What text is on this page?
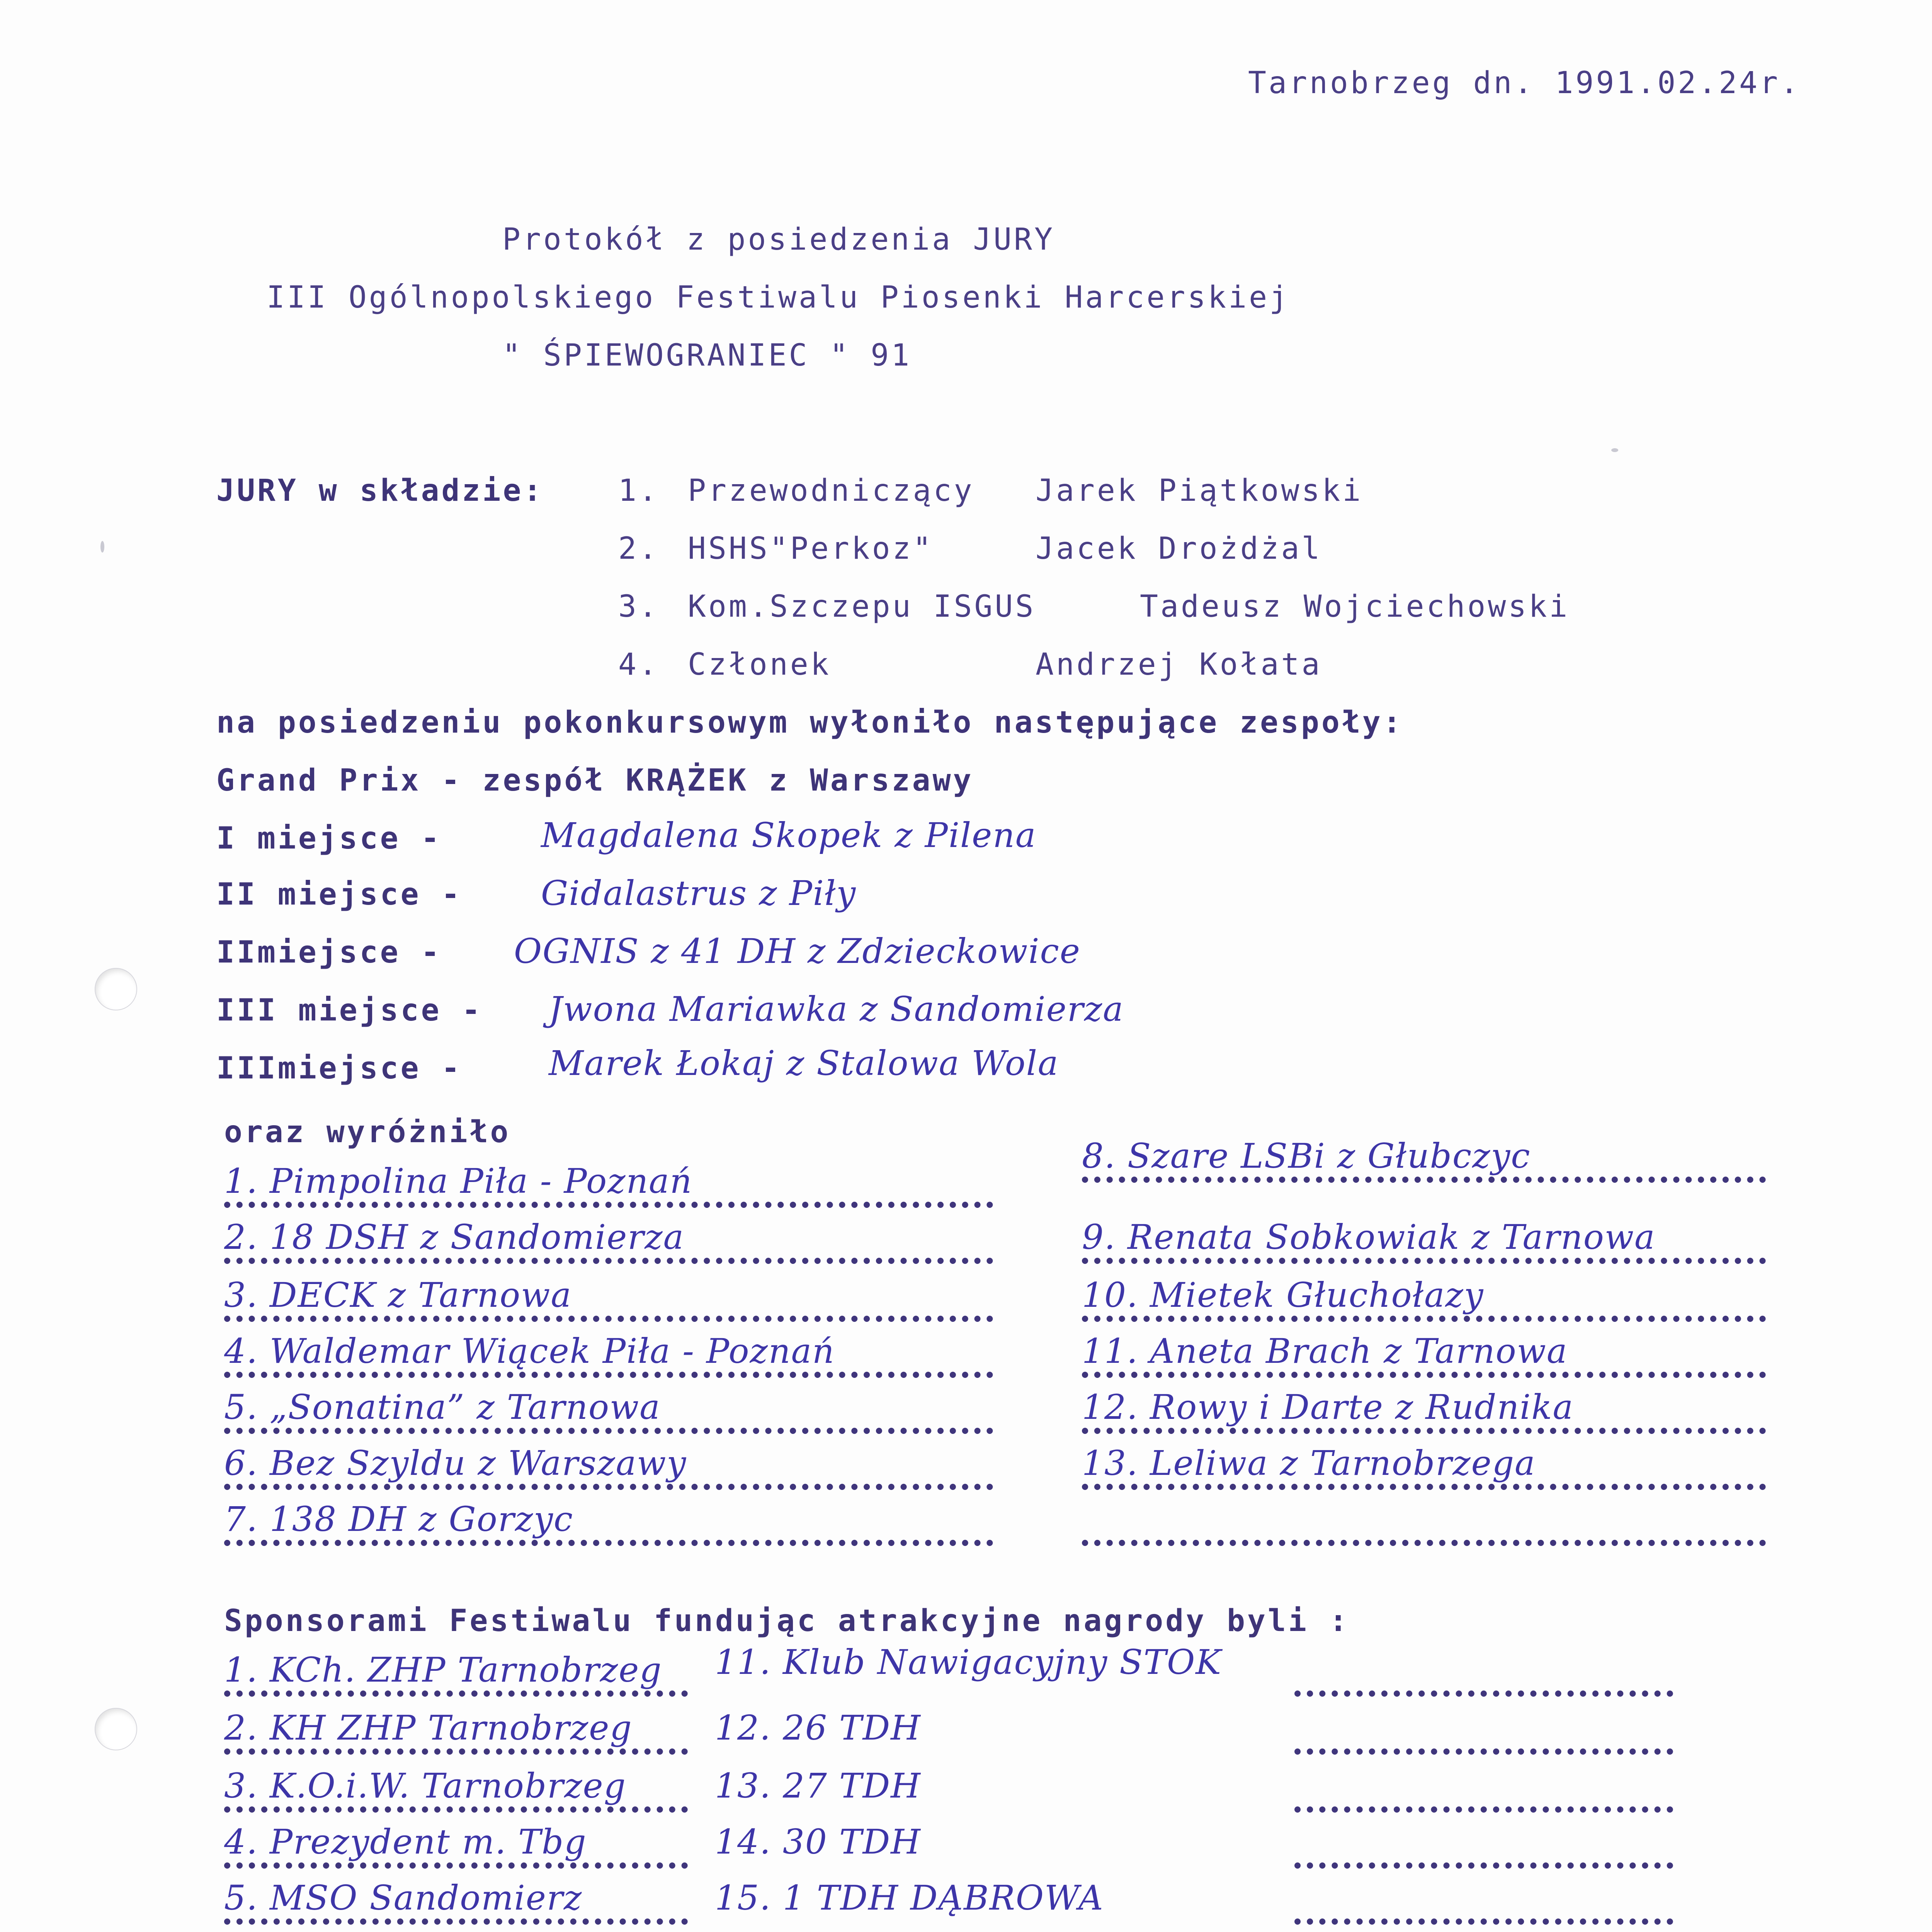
Tarnobrzeg dn. 1991.02.24r.
Protokół z posiedzenia JURY
III Ogólnopolskiego Festiwalu Piosenki Harcerskiej
" ŚPIEWOGRANIEC " 91
JURY w składzie: 1. Przewodniczący Jarek Piątkowski
2. HSHS"Perkoz"	Jacek Drożdżal
3. Kom.Szczepu ISGUS	Tadeusz Wojciechowski
4. Członek	Andrzej Kołata
na posiedzeniu pokonkursowym wyłoniło następujące zespoły:
Grand Prix - zespół KRĄŻEK z Warszawy
I miejsce -	Magdalena Skopek z Pilena
II miejsce - Gidalastrus z Piły
IImiejsce - OGNIS z 41 DH z Zdzieckowice
III miejsce - Jwona Mariawka z Sandomierza
IIImiejsce -	Marek Łokaj z Stalowa Wola
oraz wyróżniło
1. Pimpolina Piła - Poznań
2. 18 DSH z Sandomierza
3. DECK z Tarnowa
4. Waldemar Wiącek Piła - Poznań
5. „Sonatina” z Tarnowa
6. Bez Szyldu z Warszawy
7. 138 DH z Gorzyc
8. Szare LSBi z Głubczyc
9. Renata Sobkowiak z Tarnowa
10. Mietek Głuchołazy
11. Aneta Brach z Tarnowa
12. Rowy i Darte z Rudnika
13. Leliwa z Tarnobrzega
Sponsorami Festiwalu fundując atrakcyjne nagrody byli :
1. KCh. ZHP Tarnobrzeg
2. KH ZHP Tarnobrzeg
3. K.O.i.W. Tarnobrzeg
4. Prezydent m. Tbg
5. MSO Sandomierz
11. Klub Nawigacyjny STOK
12. 26 TDH
13. 27 TDH
14. 30 TDH
15. 1 TDH DĄBROWA
